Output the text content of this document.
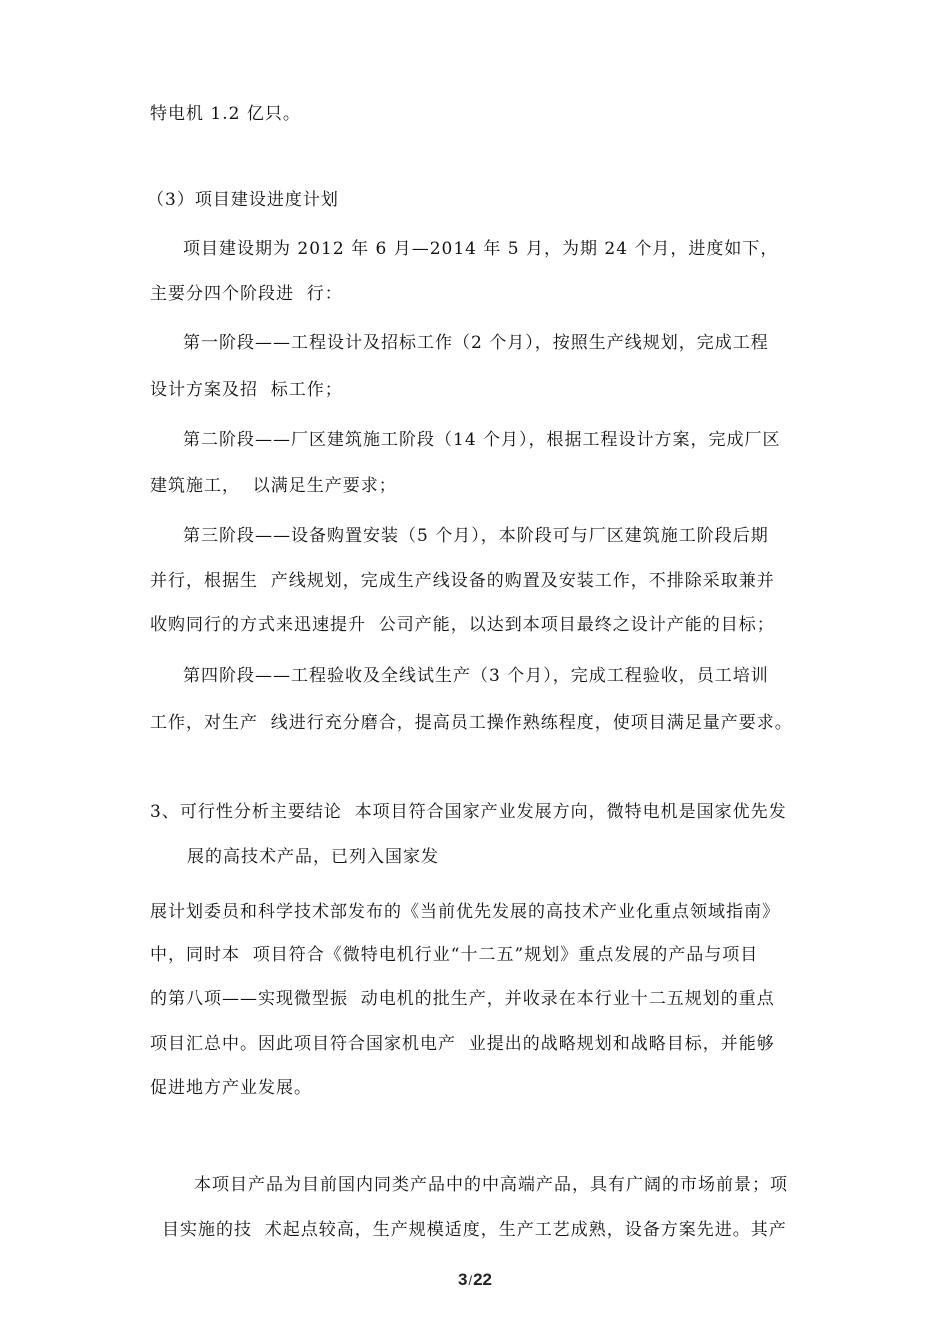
特电机 1.2 亿只。
（3）项目建设进度计划
项目建设期为 2012 年 6 月—2014 年 5 月，为期 24 个月，进度如下，
主要分四个阶段进  行：
第一阶段——工程设计及招标工作（2 个月），按照生产线规划，完成工程
设计方案及招  标工作；
第二阶段——厂区建筑施工阶段（14 个月），根据工程设计方案，完成厂区
建筑施工，  以满足生产要求；
第三阶段——设备购置安装（5 个月），本阶段可与厂区建筑施工阶段后期
并行，根据生  产线规划，完成生产线设备的购置及安装工作，不排除采取兼并
收购同行的方式来迅速提升  公司产能，以达到本项目最终之设计产能的目标；
第四阶段——工程验收及全线试生产（3 个月），完成工程验收，员工培训
工作，对生产  线进行充分磨合，提高员工操作熟练程度，使项目满足量产要求。
3、可行性分析主要结论  本项目符合国家产业发展方向，微特电机是国家优先发
展的高技术产品，已列入国家发
展计划委员和科学技术部发布的《当前优先发展的高技术产业化重点领域指南》
中，同时本  项目符合《微特电机行业“十二五”规划》重点发展的产品与项目
的第八项——实现微型振  动电机的批生产，并收录在本行业十二五规划的重点
项目汇总中。因此项目符合国家机电产  业提出的战略规划和战略目标，并能够
促进地方产业发展。
本项目产品为目前国内同类产品中的中高端产品，具有广阔的市场前景；项
目实施的技  术起点较高，生产规模适度，生产工艺成熟，设备方案先进。其产
3/22
